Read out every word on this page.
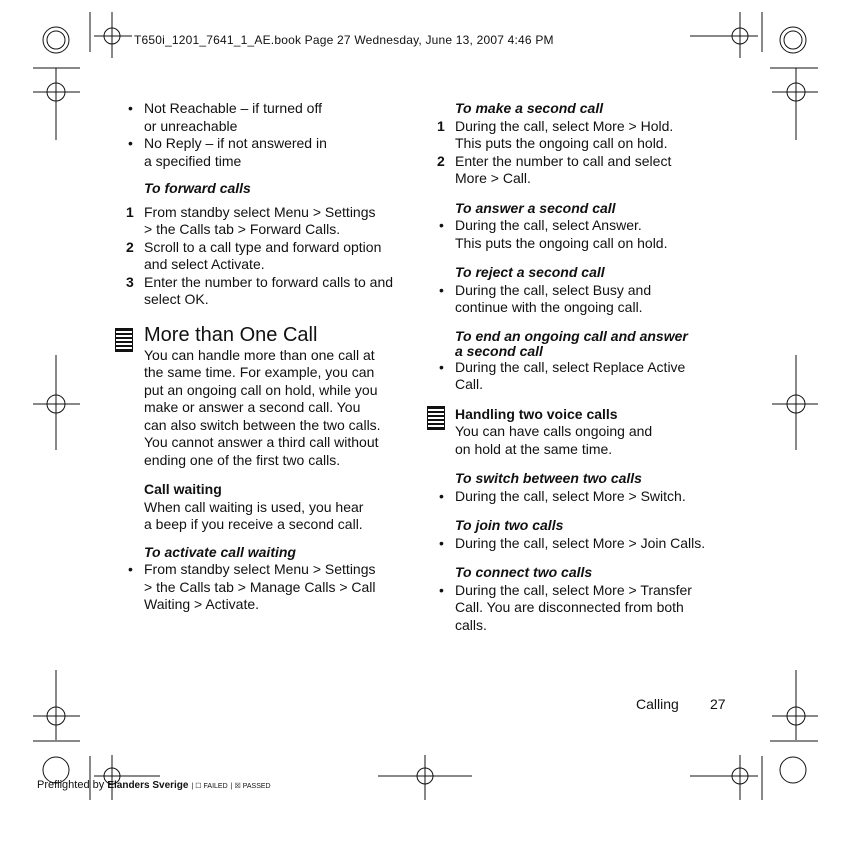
T650i_1201_7641_1_AE.book Page 27 Wednesday, June 13, 2007 4:46 PM
• Not Reachable – if turned off
or unreachable
• No Reply – if not answered in
a specified time

To forward calls

1 From standby select Menu > Settings
> the Calls tab > Forward Calls.
2 Scroll to a call type and forward option
and select Activate.
3 Enter the number to forward calls to and
select OK.

More than One Call

You can handle more than one call at
the same time. For example, you can
put an ongoing call on hold, while you
make or answer a second call. You
can also switch between the two calls.
You cannot answer a third call without
ending one of the first two calls.

Call waiting

When call waiting is used, you hear
a beep if you receive a second call.

To activate call waiting

• From standby select Menu > Settings
> the Calls tab > Manage Calls > Call
Waiting > Activate.

To make a second call

1 During the call, select More > Hold.
This puts the ongoing call on hold.
2 Enter the number to call and select
More > Call.

To answer a second call

• During the call, select Answer.
This puts the ongoing call on hold.

To reject a second call

• During the call, select Busy and
continue with the ongoing call.
To end an ongoing call and answer
a second call
• During the call, select Replace Active
Call.

Handling two voice calls

You can have calls ongoing and
on hold at the same time.

To switch between two calls

• During the call, select More > Switch.

To join two calls

• During the call, select More > Join Calls.

To connect two calls

• During the call, select More > Transfer
Call. You are disconnected from both
calls.
Calling 27
Preflighted by Elanders Sverige | ☐ FAILED | ☒ PASSED
